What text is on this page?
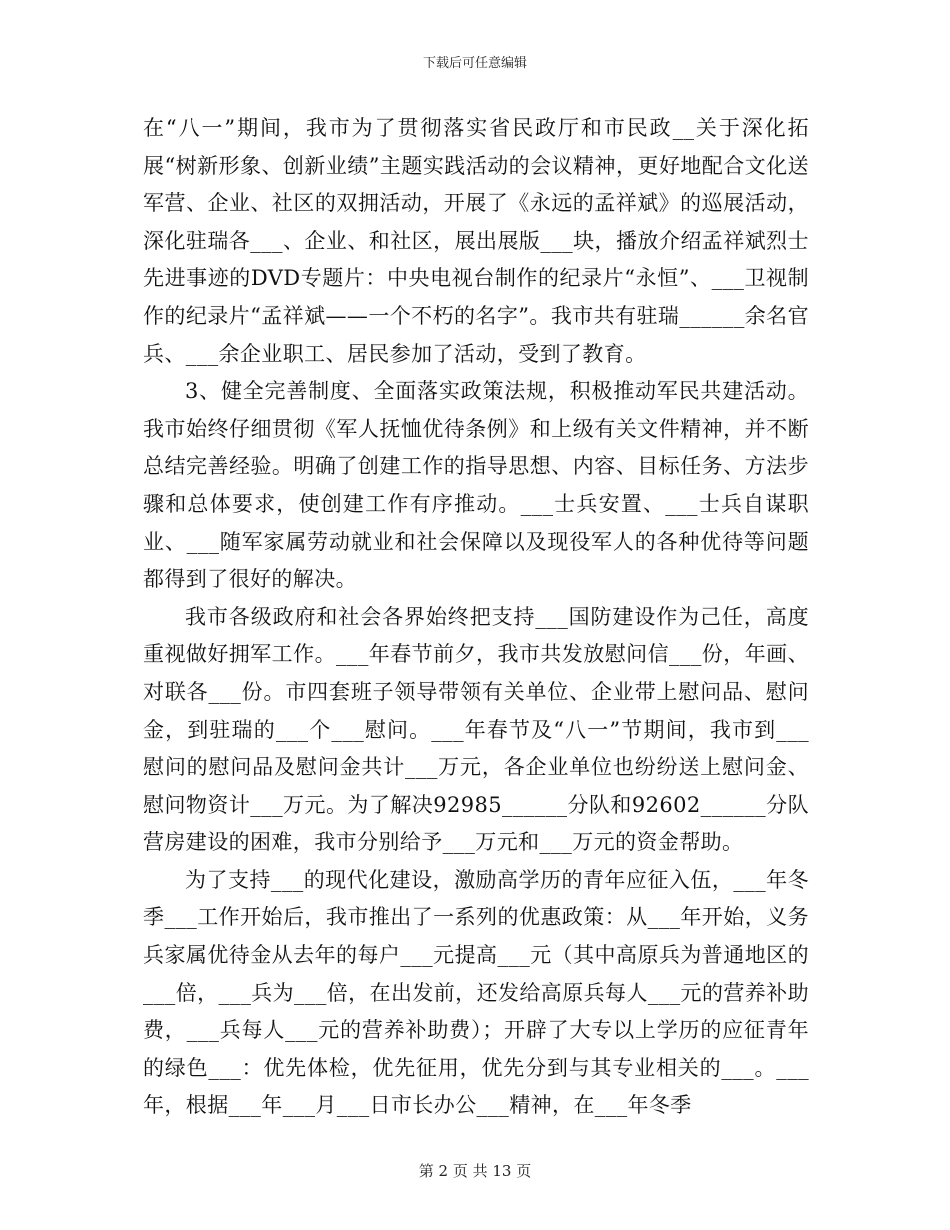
下载后可任意编辑

在“八一”期间，我市为了贯彻落实省民政厅和市民政__关于深化拓展“树新形象、创新业绩”主题实践活动的会议精神，更好地配合文化送军营、企业、社区的双拥活动，开展了《永远的孟祥斌》的巡展活动，深化驻瑞各___、企业、和社区，展出展版___块，播放介绍孟祥斌烈士先进事迹的DVD专题片：中央电视台制作的纪录片“永恒”、___卫视制作的纪录片“孟祥斌——一个不朽的名字”。我市共有驻瑞______余名官兵、___余企业职工、居民参加了活动，受到了教育。

3、健全完善制度、全面落实政策法规，积极推动军民共建活动。我市始终仔细贯彻《军人抚恤优待条例》和上级有关文件精神，并不断总结完善经验。明确了创建工作的指导思想、内容、目标任务、方法步骤和总体要求，使创建工作有序推动。___士兵安置、___士兵自谋职业、___随军家属劳动就业和社会保障以及现役军人的各种优待等问题都得到了很好的解决。

我市各级政府和社会各界始终把支持___国防建设作为己任，高度重视做好拥军工作。___年春节前夕，我市共发放慰问信___份，年画、对联各___份。市四套班子领导带领有关单位、企业带上慰问品、慰问金，到驻瑞的___个___慰问。___年春节及“八一”节期间，我市到___慰问的慰问品及慰问金共计___万元，各企业单位也纷纷送上慰问金、慰问物资计___万元。为了解决92985______分队和92602______分队营房建设的困难，我市分别给予___万元和___万元的资金帮助。

为了支持___的现代化建设，激励高学历的青年应征入伍，___年冬季___工作开始后，我市推出了一系列的优惠政策：从___年开始，义务兵家属优待金从去年的每户___元提高___元（其中高原兵为普通地区的___倍，___兵为___倍，在出发前，还发给高原兵每人___元的营养补助费，___兵每人___元的营养补助费）；开辟了大专以上学历的应征青年的绿色___：优先体检，优先征用，优先分到与其专业相关的___。___年，根据___年___月___日市长办公___精神，在___年冬季

第 2 页 共 13 页
